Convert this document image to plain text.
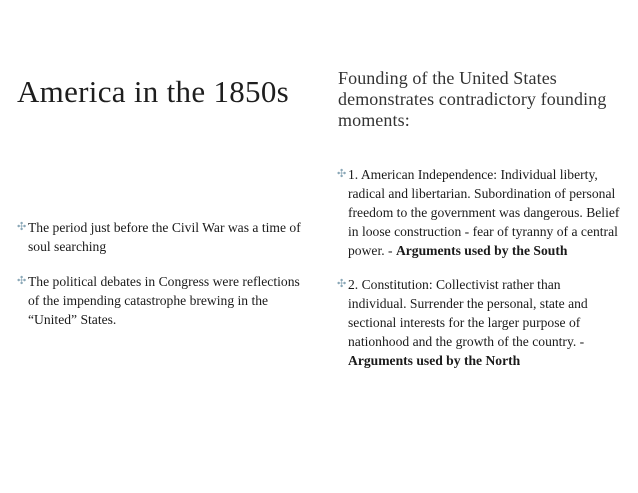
America in the 1850s
✣ The period just before the Civil War was a time of soul searching
✣ The political debates in Congress were reflections of the impending catastrophe brewing in the “United” States.

Founding of the United States demonstrates contradictory founding moments:

✣ 1. American Independence: Individual liberty, radical and libertarian. Subordination of personal freedom to the government was dangerous. Belief in loose construction - fear of tyranny of a central power. - Arguments used by the South
✣ 2. Constitution: Collectivist rather than individual. Surrender the personal, state and sectional interests for the larger purpose of nationhood and the growth of the country. - Arguments used by the North
